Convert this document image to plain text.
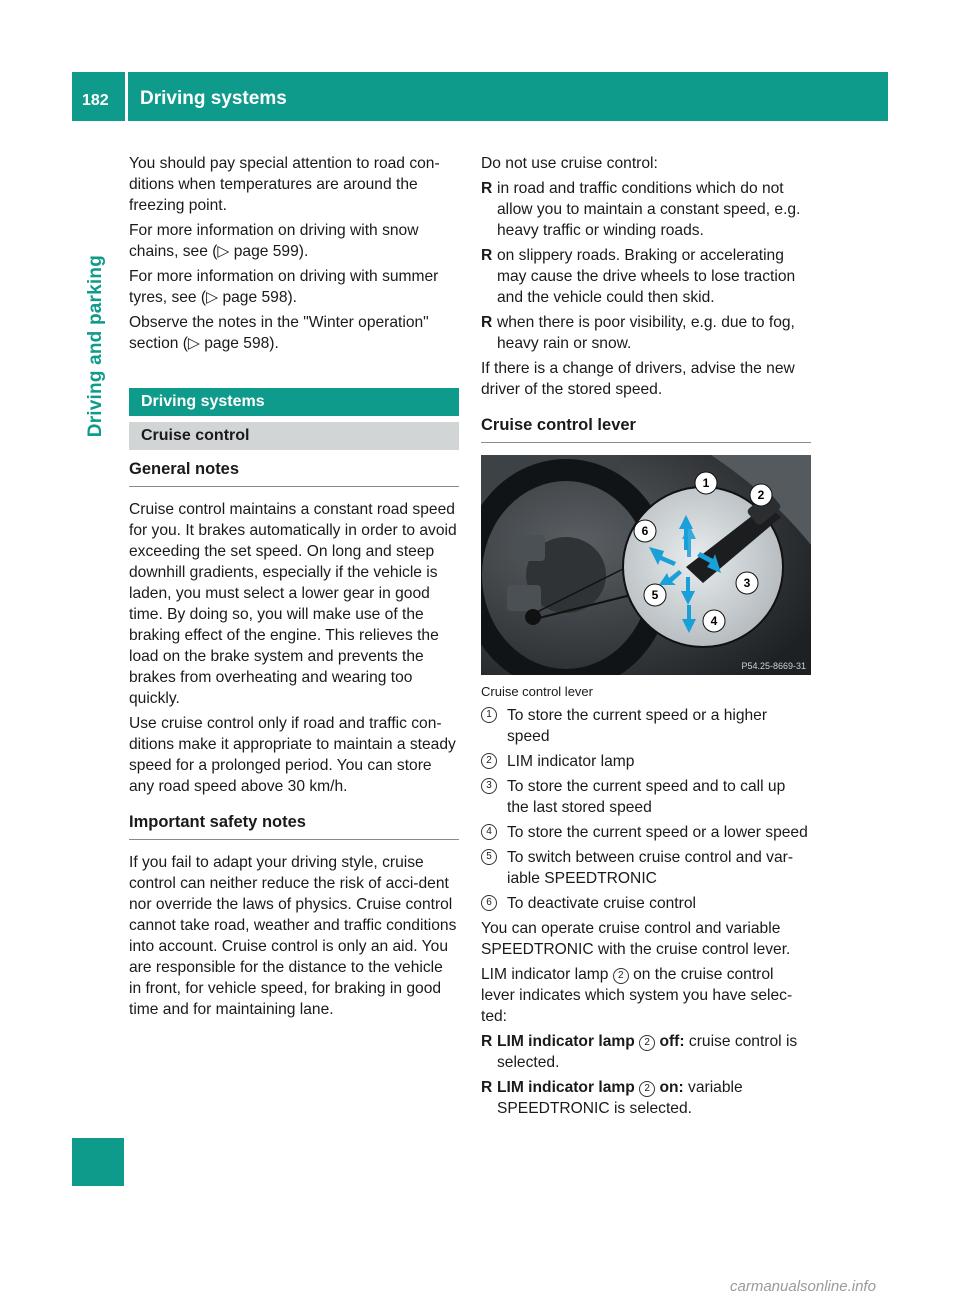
182 Driving systems
Driving and parking

You should pay special attention to road con-ditions when temperatures are around the freezing point.

For more information on driving with snow chains, see (▷ page 599).

For more information on driving with summer tyres, see (▷ page 598).

Observe the notes in the "Winter operation" section (▷ page 598).

Driving systems
Cruise control
General notes

Cruise control maintains a constant road speed for you. It brakes automatically in order to avoid exceeding the set speed. On long and steep downhill gradients, especially if the vehicle is laden, you must select a lower gear in good time. By doing so, you will make use of the braking effect of the engine. This relieves the load on the brake system and prevents the brakes from overheating and wearing too quickly.

Use cruise control only if road and traffic con-ditions make it appropriate to maintain a steady speed for a prolonged period. You can store any road speed above 30 km/h.

Important safety notes

If you fail to adapt your driving style, cruise control can neither reduce the risk of acci-dent nor override the laws of physics. Cruise control cannot take road, weather and traffic conditions into account. Cruise control is only an aid. You are responsible for the distance to the vehicle in front, for vehicle speed, for braking in good time and for maintaining lane.

Do not use cruise control:

R in road and traffic conditions which do not allow you to maintain a constant speed, e.g. heavy traffic or winding roads.
R on slippery roads. Braking or accelerating may cause the drive wheels to lose traction and the vehicle could then skid.
R when there is poor visibility, e.g. due to fog, heavy rain or snow.

If there is a change of drivers, advise the new driver of the stored speed.

Cruise control lever
1
2
3
4
5
6
P54.25-8669-31

Cruise control lever

1 To store the current speed or a higher speed
2 LIM indicator lamp
3 To store the current speed and to call up the last stored speed
4 To store the current speed or a lower speed
5 To switch between cruise control and var-iable SPEEDTRONIC
6 To deactivate cruise control

You can operate cruise control and variable SPEEDTRONIC with the cruise control lever.

LIM indicator lamp 2 on the cruise control lever indicates which system you have selec-ted:

R LIM indicator lamp 2 off: cruise control is selected.
R LIM indicator lamp 2 on: variable SPEEDTRONIC is selected.
carmanualsonline.info
